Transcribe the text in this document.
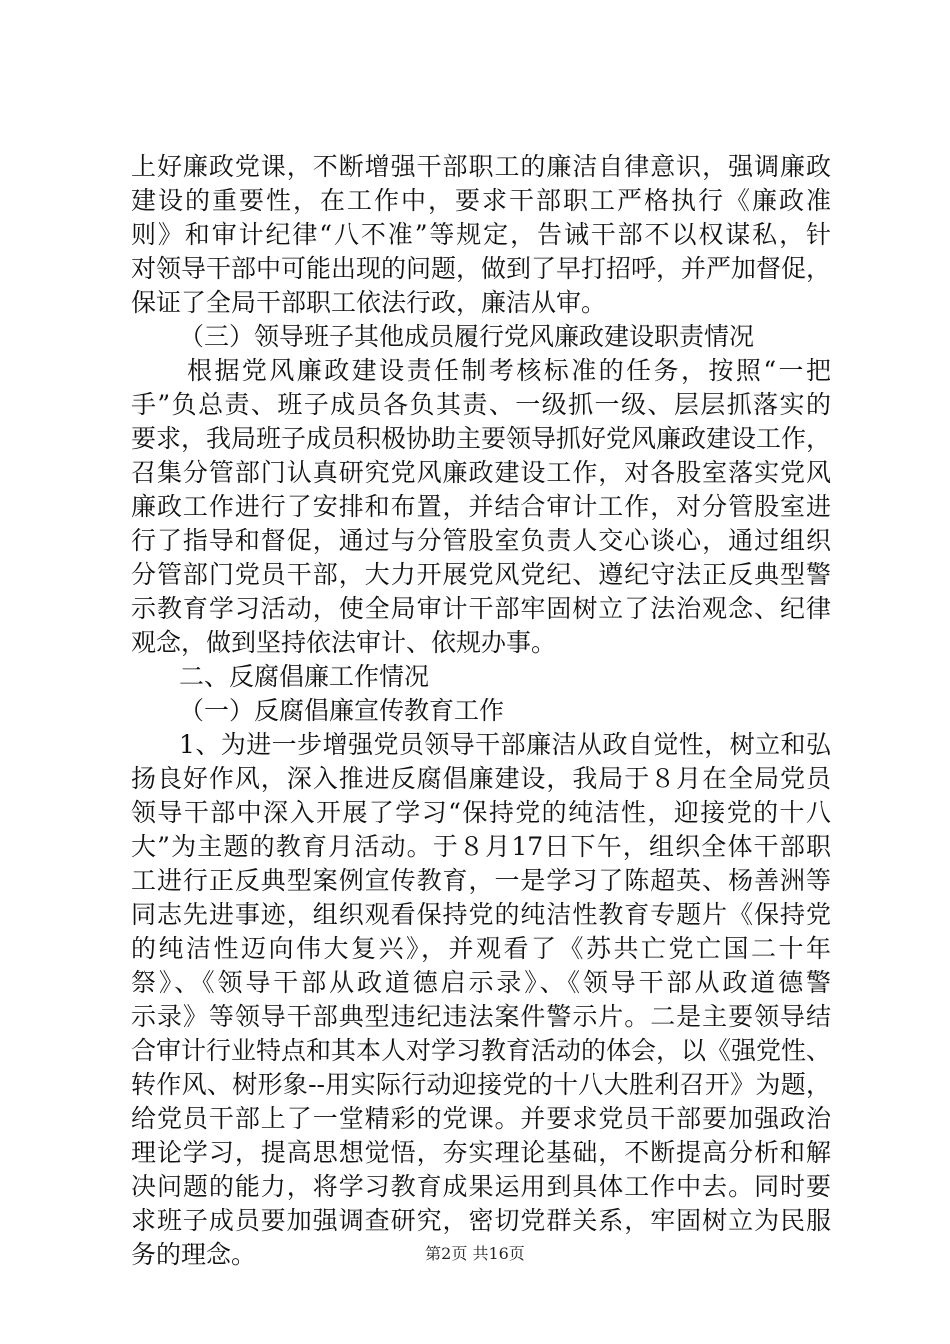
上好廉政党课，不断增强干部职工的廉洁自律意识，强调廉政
建设的重要性，在工作中，要求干部职工严格执行《廉政准
则》和审计纪律“八不准”等规定，告诫干部不以权谋私，针
对领导干部中可能出现的问题，做到了早打招呼，并严加督促，
保证了全局干部职工依法行政，廉洁从审。
（三）领导班子其他成员履行党风廉政建设职责情况
根据党风廉政建设责任制考核标准的任务，按照“一把
手”负总责、班子成员各负其责、一级抓一级、层层抓落实的
要求，我局班子成员积极协助主要领导抓好党风廉政建设工作，
召集分管部门认真研究党风廉政建设工作，对各股室落实党风
廉政工作进行了安排和布置，并结合审计工作，对分管股室进
行了指导和督促，通过与分管股室负责人交心谈心，通过组织
分管部门党员干部，大力开展党风党纪、遵纪守法正反典型警
示教育学习活动，使全局审计干部牢固树立了法治观念、纪律
观念，做到坚持依法审计、依规办事。
二、反腐倡廉工作情况
（一）反腐倡廉宣传教育工作
1、为进一步增强党员领导干部廉洁从政自觉性，树立和弘
扬良好作风，深入推进反腐倡廉建设，我局于８月在全局党员
领导干部中深入开展了学习“保持党的纯洁性，迎接党的十八
大”为主题的教育月活动。于８月17日下午，组织全体干部职
工进行正反典型案例宣传教育，一是学习了陈超英、杨善洲等
同志先进事迹，组织观看保持党的纯洁性教育专题片《保持党
的纯洁性迈向伟大复兴》，并观看了《苏共亡党亡国二十年
祭》、《领导干部从政道德启示录》、《领导干部从政道德警
示录》等领导干部典型违纪违法案件警示片。二是主要领导结
合审计行业特点和其本人对学习教育活动的体会，以《强党性、
转作风、树形象--用实际行动迎接党的十八大胜利召开》为题，
给党员干部上了一堂精彩的党课。并要求党员干部要加强政治
理论学习，提高思想觉悟，夯实理论基础，不断提高分析和解
决问题的能力，将学习教育成果运用到具体工作中去。同时要
求班子成员要加强调查研究，密切党群关系，牢固树立为民服
务的理念。	第2页 共16页
